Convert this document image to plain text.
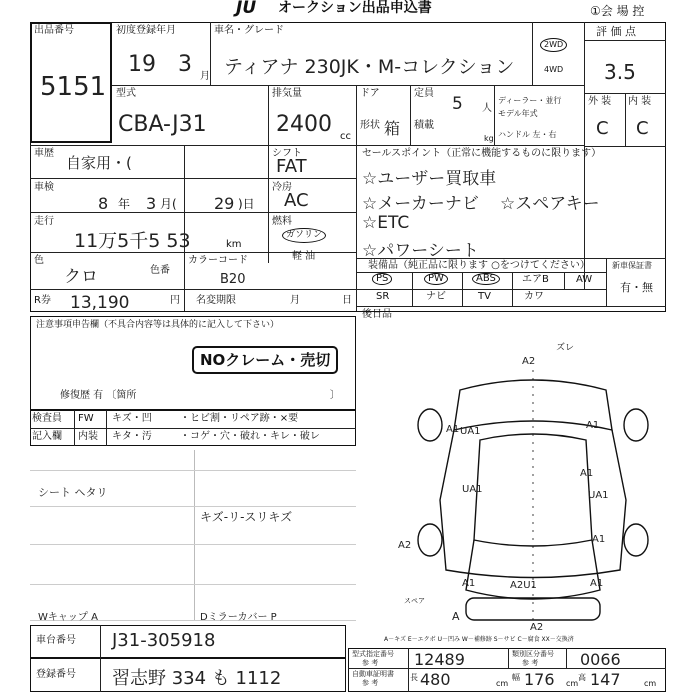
JU オークション出品申込書	①会 場 控
出品番号
5151
初度登録年月
19 3 月
車名・グレード
ティアナ 230JK・M-コレクション
2WD
4WD
評 価 点
3.5
外 装 内 装
C C
型式
CBA-J31
排気量
2400 cc
ドア
形状 箱
定員
5 人
積載
kg
ディーラー・並行
モデル年式
ハンドル 左・右
車歴
自家用・(
シフト
FAT
車検
8 年 3 月( 29 )日
冷房
AC
走行
11万5千5 53	km
燃料
ガソリン
軽 油
色
クロ	色番
カラーコード
B20
R券 13,190	円 名変期限	月	日
セールスポイント（正常に機能するものに限ります）
☆ユーザー買取車
☆メーカーナビ ☆スペアキー
☆ETC
☆パワーシート
装備品（純正品に限ります ○をつけてください）
PS	PW	ABS	エアB	AW
SR	ナビ	TV	カワ
新車保証書
有・無
後日品
注意事項申告欄（不具合内容等は具体的に記入して下さい）
NOクレーム・売切
修復歴 有 〔箇所	〕
検査員
記入欄
FW キズ・凹	・ヒビ割・リペア跡・×要
内装 キタ・汚	・コゲ・穴・破れ・キレ・破レ
シート ヘタリ
キズ-リ-スリキズ
Wキャップ A	Dミラーカバー P
ズレ
A2
A1	A1
UA1
UA1
A1
UA1
A2
A1
A2U1
A1	A1
A2
A
スペア
A－キズ E－エクボ U－凹み W－補修跡 S－サビ C－腐食 XX－交換済
車台番号 J31-305918
登録番号 習志野 334 も 1112
型式指定番号
参 考 12489	類別区分番号
参 考	0066
自動車証明書
参 考
長 480	cm
幅 176 cm
高 147	cm
